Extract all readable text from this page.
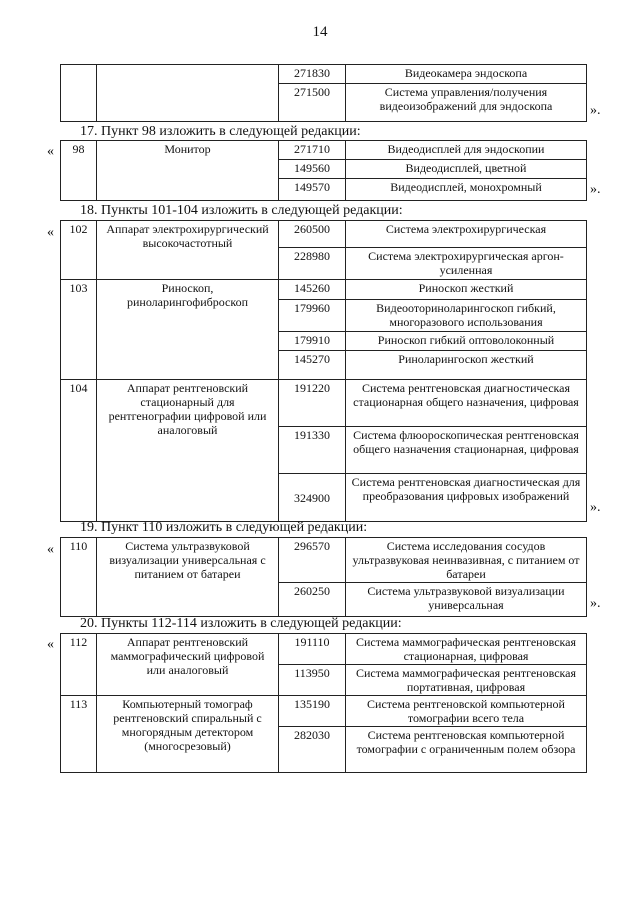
14
		271830	Видеокамера эндоскопа
		271500	Система управления/получения видеоизображений для эндоскопа	».
17. Пункт 98 изложить в следующей редакции:
« 98	Монитор	271710	Видеодисплей для эндоскопии
		149560	Видеодисплей, цветной
		149570	Видеодисплей, монохромный	».
18. Пункты 101-104 изложить в следующей редакции:
« 102	Аппарат электрохирургический высокочастотный	260500	Система электрохирургическая
		228980	Система электрохирургическая аргон-усиленная
103	Риноскоп, риноларингофиброскоп	145260	Риноскоп жесткий
		179960	Видеооториноларингоскоп гибкий, многоразового использования
		179910	Риноскоп гибкий оптоволоконный
		145270	Риноларингоскоп жесткий
104	Аппарат рентгеновский стационарный для рентгенографии цифровой или аналоговый	191220	Система рентгеновская диагностическая стационарная общего назначения, цифровая
		191330	Система флюороскопическая рентгеновская общего назначения стационарная, цифровая
		324900	Система рентгеновская диагностическая для преобразования цифровых изображений
».
19. Пункт 110 изложить в следующей редакции:
« 110	Система ультразвуковой визуализации универсальная с питанием от батареи	296570	Система исследования сосудов ультразвуковая неинвазивная, с питанием от батареи
		260250	Система ультразвуковой визуализации универсальная	».
20. Пункты 112-114 изложить в следующей редакции:
« 112	Аппарат рентгеновский маммографический цифровой или аналоговый	191110	Система маммографическая рентгеновская стационарная, цифровая
		113950	Система маммографическая рентгеновская портативная, цифровая
113	Компьютерный томограф рентгеновский спиральный с многорядным детектором (многосрезовый)	135190	Система рентгеновской компьютерной томографии всего тела
		282030	Система рентгеновская компьютерной томографии с ограниченным полем обзора
